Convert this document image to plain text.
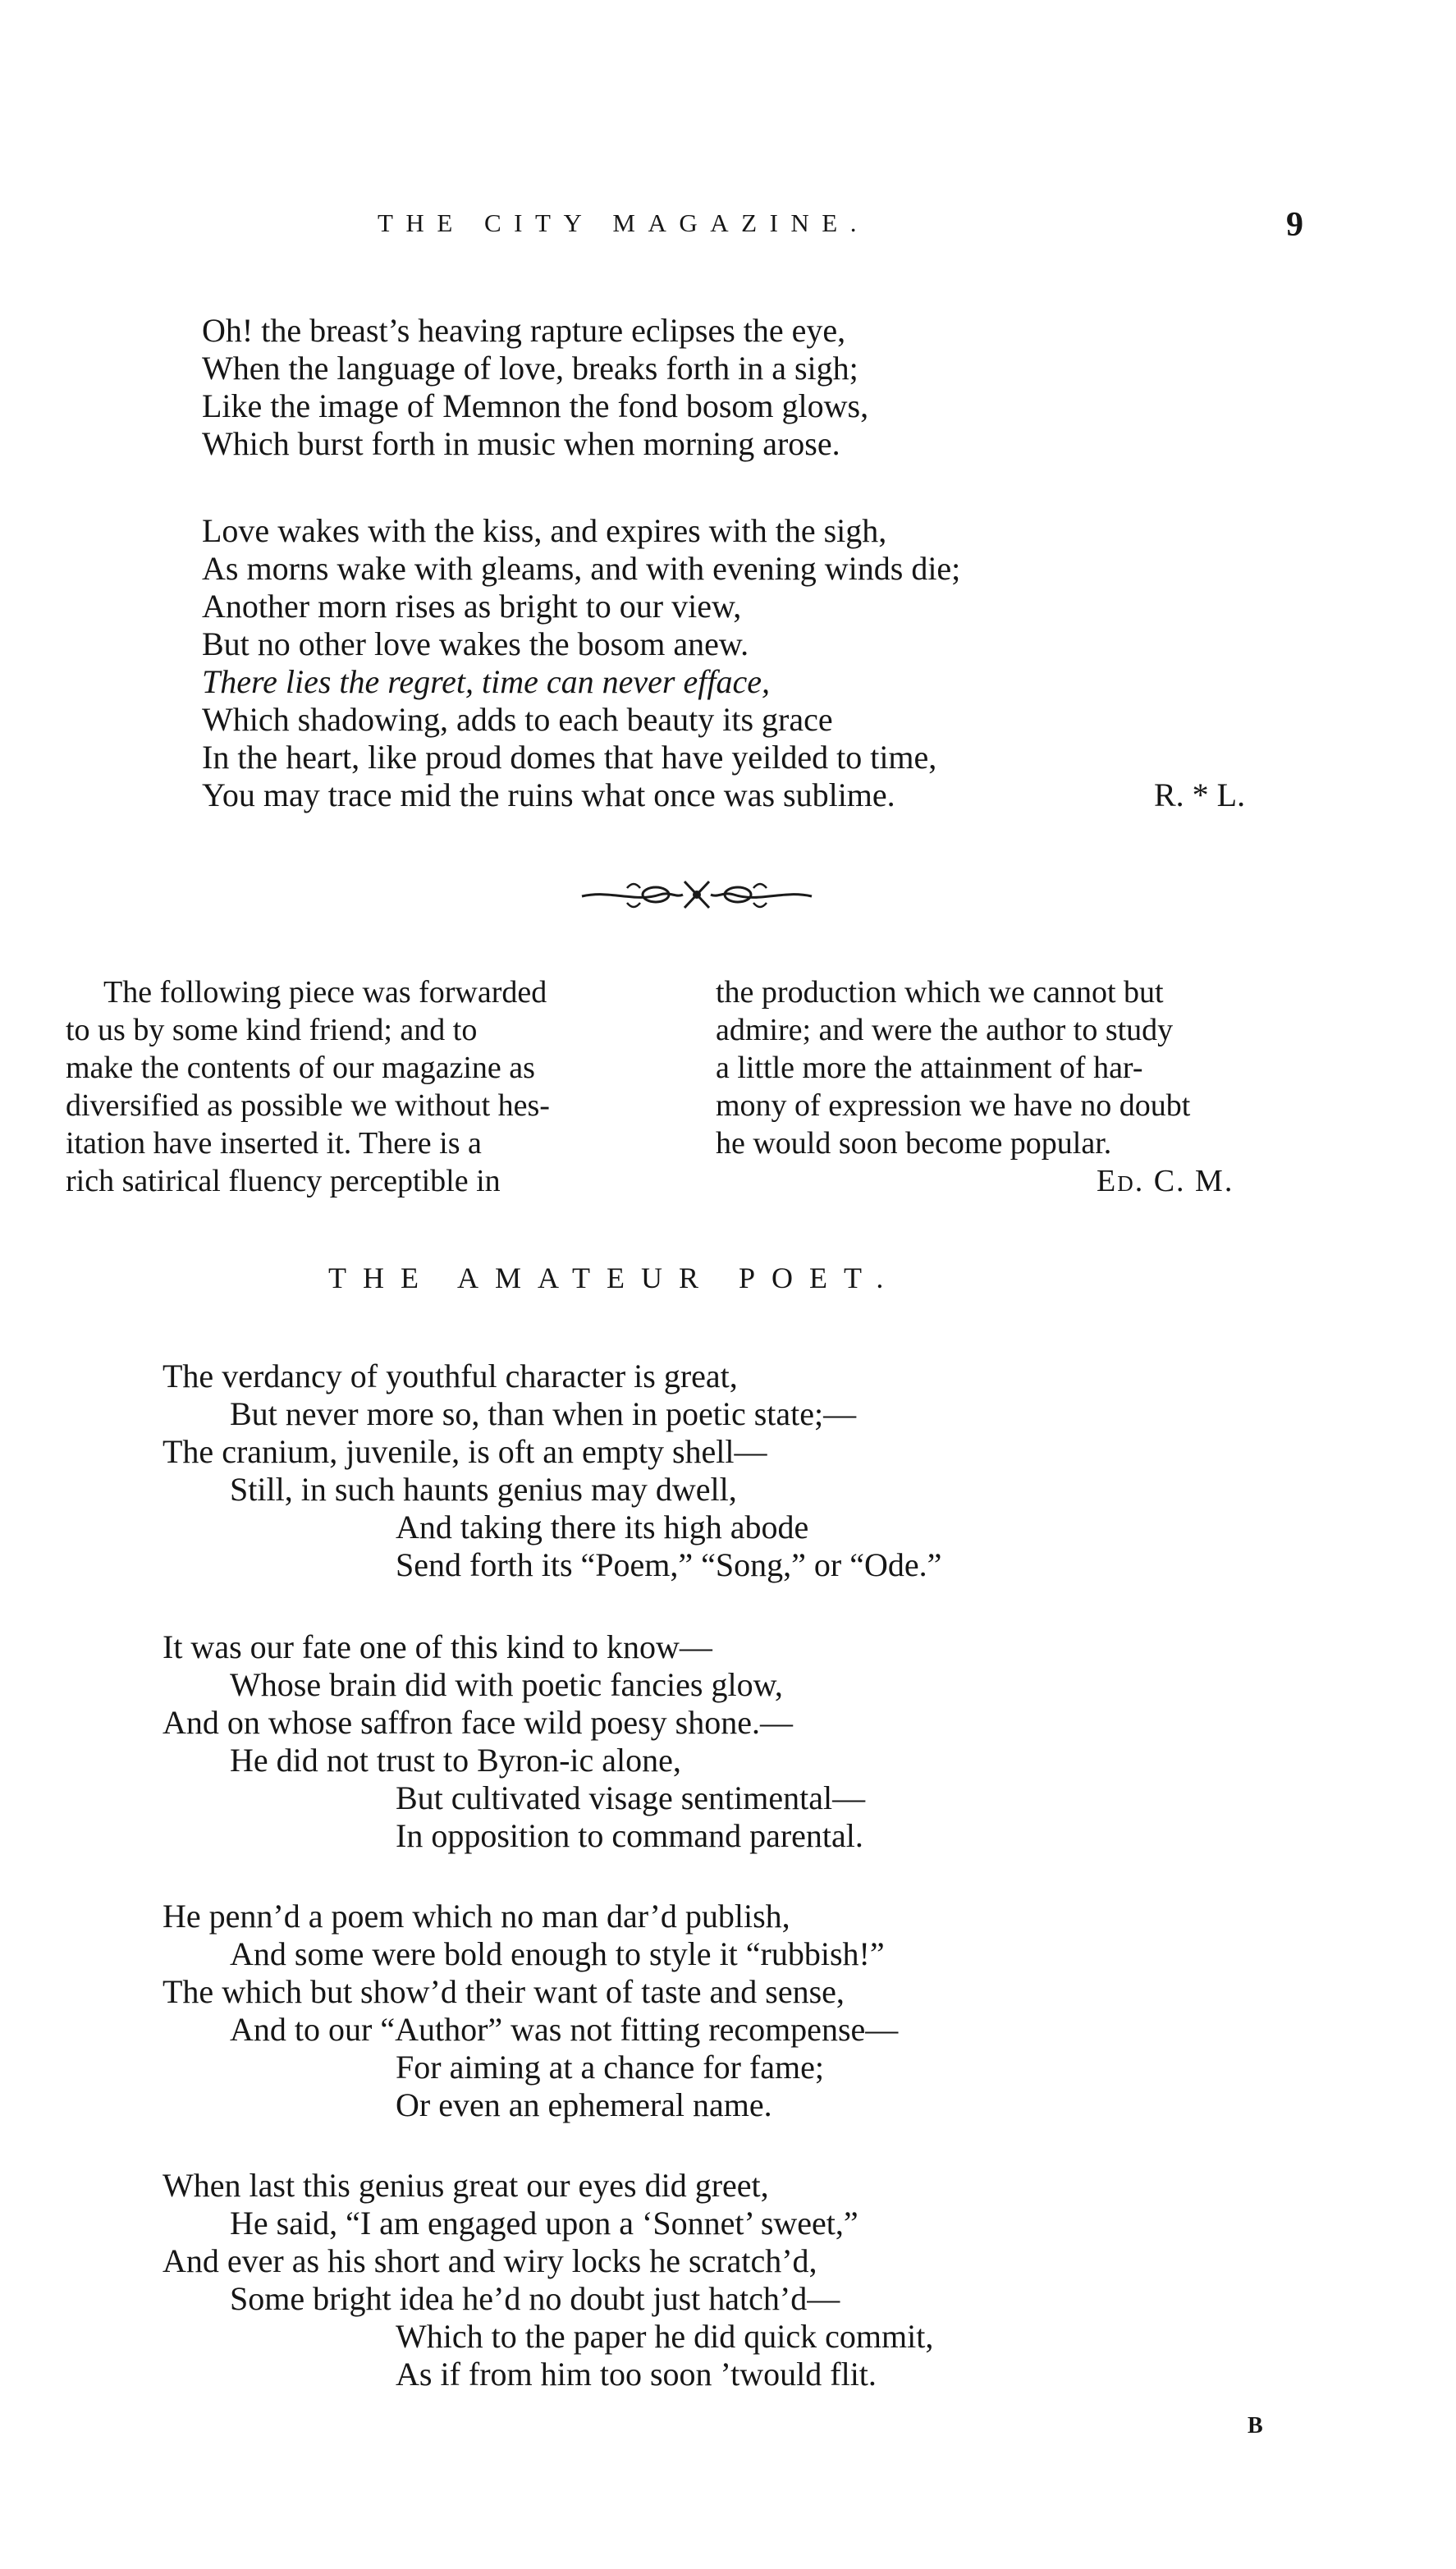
THE CITY MAGAZINE.	9
Oh! the breast’s heaving rapture eclipses the eye,
When the language of love, breaks forth in a sigh;
Like the image of Memnon the fond bosom glows,
Which burst forth in music when morning arose.
Love wakes with the kiss, and expires with the sigh,
As morns wake with gleams, and with evening winds die;
Another morn rises as bright to our view,
But no other love wakes the bosom anew.
There lies the regret, time can never efface,
Which shadowing, adds to each beauty its grace
In the heart, like proud domes that have yeilded to time,
You may trace mid the ruins what once was sublime.	R. * L.
The following piece was forwarded
to us by some kind friend; and to
make the contents of our magazine as
diversified as possible we without hes-
itation have inserted it. There is a
rich satirical fluency perceptible in
the production which we cannot but
admire; and were the author to study
a little more the attainment of har-
mony of expression we have no doubt
he would soon become popular.
Ed. C. M.
THE AMATEUR POET.
The verdancy of youthful character is great,
But never more so, than when in poetic state;—
The cranium, juvenile, is oft an empty shell—
Still, in such haunts genius may dwell,
And taking there its high abode
Send forth its “Poem,” “Song,” or “Ode.”
It was our fate one of this kind to know—
Whose brain did with poetic fancies glow,
And on whose saffron face wild poesy shone.—
He did not trust to Byron-ic alone,
But cultivated visage sentimental—
In opposition to command parental.
He penn’d a poem which no man dar’d publish,
And some were bold enough to style it “rubbish!”
The which but show’d their want of taste and sense,
And to our “Author” was not fitting recompense—
For aiming at a chance for fame;
Or even an ephemeral name.
When last this genius great our eyes did greet,
He said, “I am engaged upon a ‘Sonnet’ sweet,”
And ever as his short and wiry locks he scratch’d,
Some bright idea he’d no doubt just hatch’d—
Which to the paper he did quick commit,
As if from him too soon ’twould flit.
B
